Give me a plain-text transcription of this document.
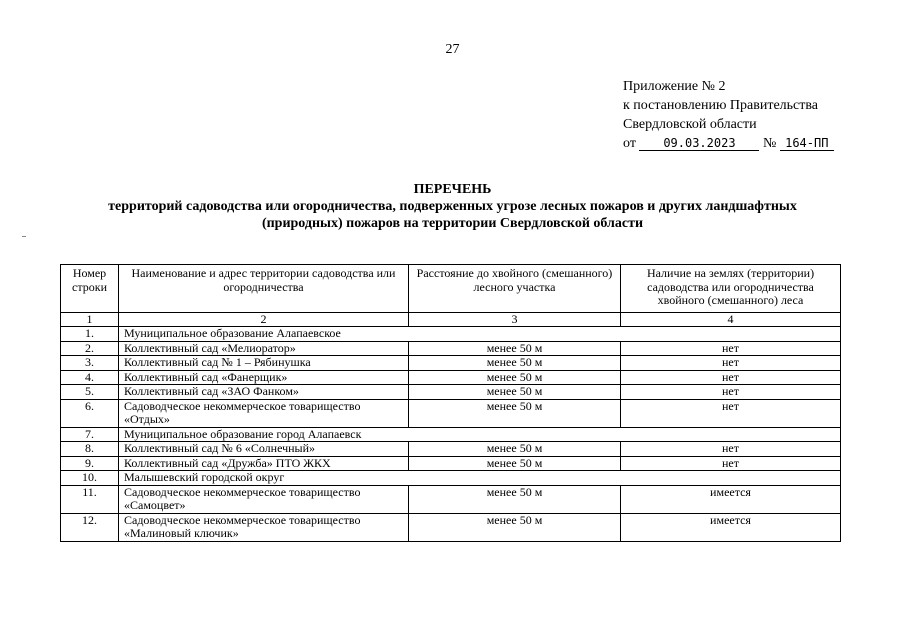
27
Приложение № 2
к постановлению Правительства
Свердловской области
от 09.03.2023 № 164-ПП
ПЕРЕЧЕНЬ
территорий садоводства или огородничества, подверженных угрозе лесных пожаров и других ландшафтных
(природных) пожаров на территории Свердловской области
Номер строки	Наименование и адрес территории садоводства или огородничества	Расстояние до хвойного (смешанного) лесного участка	Наличие на землях (территории) садоводства или огородничества хвойного (смешанного) леса
1	2	3	4
1.	Муниципальное образование Алапаевское		
2.	Коллективный сад «Мелиоратор»	менее 50 м	нет
3.	Коллективный сад № 1 – Рябинушка	менее 50 м	нет
4.	Коллективный сад «Фанерщик»	менее 50 м	нет
5.	Коллективный сад «ЗАО Фанком»	менее 50 м	нет
6.	Садоводческое некоммерческое товарищество «Отдых»	менее 50 м	нет
7.	Муниципальное образование город Алапаевск		
8.	Коллективный сад № 6 «Солнечный»	менее 50 м	нет
9.	Коллективный сад «Дружба» ПТО ЖКХ	менее 50 м	нет
10.	Малышевский городской округ		
11.	Садоводческое некоммерческое товарищество «Самоцвет»	менее 50 м	имеется
12.	Садоводческое некоммерческое товарищество «Малиновый ключик»	менее 50 м	имеется
